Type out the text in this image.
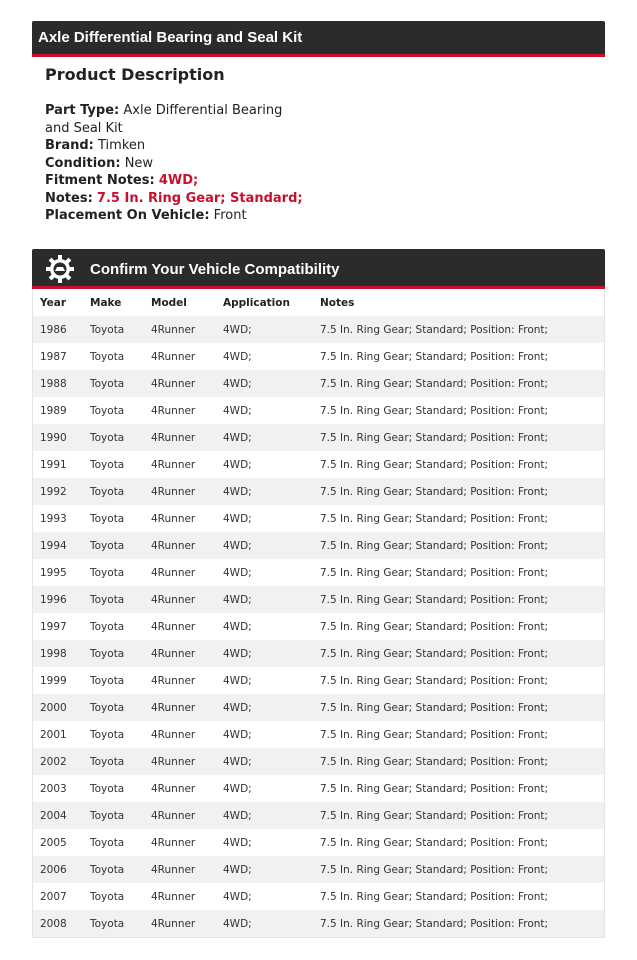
Axle Differential Bearing and Seal Kit
Product Description
Part Type: Axle Differential Bearing and Seal Kit
Brand: Timken
Condition: New
Fitment Notes: 4WD;
Notes: 7.5 In. Ring Gear; Standard;
Placement On Vehicle: Front
Confirm Your Vehicle Compatibility
Year	Make	Model	Application	Notes
1986	Toyota	4Runner	4WD;	7.5 In. Ring Gear; Standard; Position: Front;
1987	Toyota	4Runner	4WD;	7.5 In. Ring Gear; Standard; Position: Front;
1988	Toyota	4Runner	4WD;	7.5 In. Ring Gear; Standard; Position: Front;
1989	Toyota	4Runner	4WD;	7.5 In. Ring Gear; Standard; Position: Front;
1990	Toyota	4Runner	4WD;	7.5 In. Ring Gear; Standard; Position: Front;
1991	Toyota	4Runner	4WD;	7.5 In. Ring Gear; Standard; Position: Front;
1992	Toyota	4Runner	4WD;	7.5 In. Ring Gear; Standard; Position: Front;
1993	Toyota	4Runner	4WD;	7.5 In. Ring Gear; Standard; Position: Front;
1994	Toyota	4Runner	4WD;	7.5 In. Ring Gear; Standard; Position: Front;
1995	Toyota	4Runner	4WD;	7.5 In. Ring Gear; Standard; Position: Front;
1996	Toyota	4Runner	4WD;	7.5 In. Ring Gear; Standard; Position: Front;
1997	Toyota	4Runner	4WD;	7.5 In. Ring Gear; Standard; Position: Front;
1998	Toyota	4Runner	4WD;	7.5 In. Ring Gear; Standard; Position: Front;
1999	Toyota	4Runner	4WD;	7.5 In. Ring Gear; Standard; Position: Front;
2000	Toyota	4Runner	4WD;	7.5 In. Ring Gear; Standard; Position: Front;
2001	Toyota	4Runner	4WD;	7.5 In. Ring Gear; Standard; Position: Front;
2002	Toyota	4Runner	4WD;	7.5 In. Ring Gear; Standard; Position: Front;
2003	Toyota	4Runner	4WD;	7.5 In. Ring Gear; Standard; Position: Front;
2004	Toyota	4Runner	4WD;	7.5 In. Ring Gear; Standard; Position: Front;
2005	Toyota	4Runner	4WD;	7.5 In. Ring Gear; Standard; Position: Front;
2006	Toyota	4Runner	4WD;	7.5 In. Ring Gear; Standard; Position: Front;
2007	Toyota	4Runner	4WD;	7.5 In. Ring Gear; Standard; Position: Front;
2008	Toyota	4Runner	4WD;	7.5 In. Ring Gear; Standard; Position: Front;
